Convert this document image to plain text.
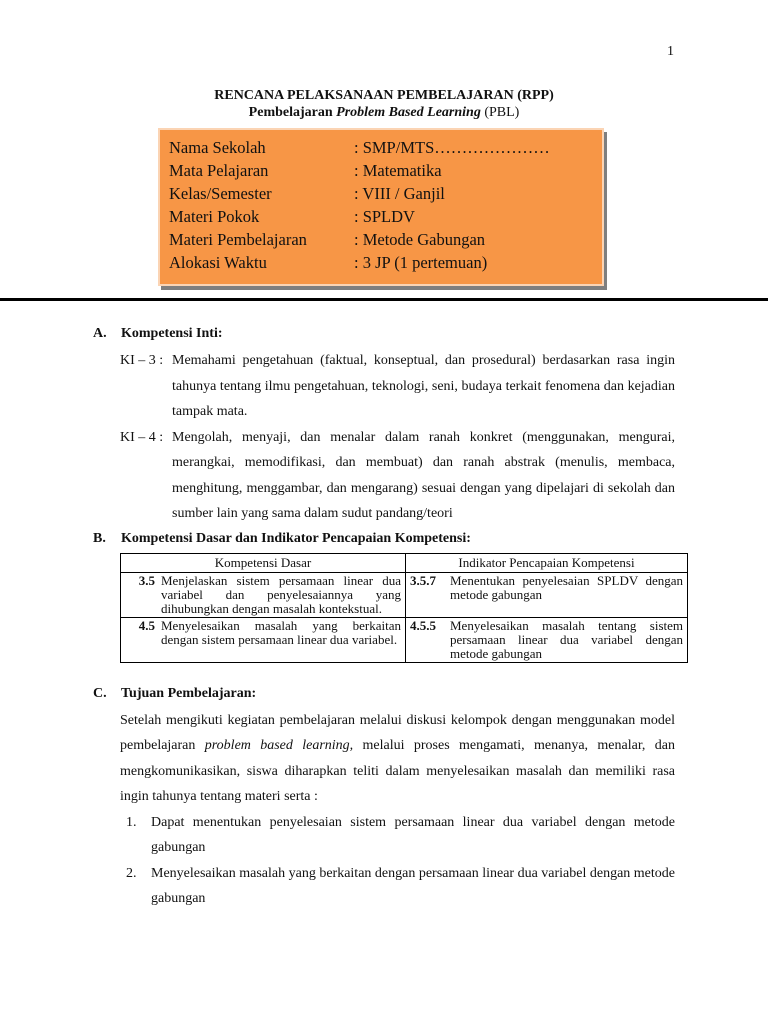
1
RENCANA PELAKSANAAN PEMBELAJARAN (RPP)
Pembelajaran Problem Based Learning (PBL)
Nama Sekolah	: SMP/MTS…………………
Mata Pelajaran	: Matematika
Kelas/Semester	: VIII / Ganjil
Materi Pokok	: SPLDV
Materi Pembelajaran	: Metode Gabungan
Alokasi Waktu	: 3 JP (1 pertemuan)
A.	Kompetensi Inti:
KI – 3 : Memahami pengetahuan (faktual, konseptual, dan prosedural) berdasarkan rasa ingin tahunya tentang ilmu pengetahuan, teknologi, seni, budaya terkait fenomena dan kejadian tampak mata.
KI – 4 : Mengolah, menyaji, dan menalar dalam ranah konkret (menggunakan, mengurai, merangkai, memodifikasi, dan membuat) dan ranah abstrak (menulis, membaca, menghitung, menggambar, dan mengarang) sesuai dengan yang dipelajari di sekolah dan sumber lain yang sama dalam sudut pandang/teori
B.	Kompetensi Dasar dan Indikator Pencapaian Kompetensi:
Kompetensi Dasar	Indikator Pencapaian Kompetensi

3.5 Menjelaskan sistem persamaan linear dua variabel dan penyelesaiannya yang dihubungkan dengan masalah kontekstual.	3.5.7 Menentukan penyelesaian SPLDV dengan metode gabungan

4.5 Menyelesaikan masalah yang berkaitan dengan sistem persamaan linear dua variabel.	4.5.5 Menyelesaikan masalah tentang sistem persamaan linear dua variabel dengan metode gabungan
C.	Tujuan Pembelajaran:
Setelah mengikuti kegiatan pembelajaran melalui diskusi kelompok dengan menggunakan model pembelajaran problem based learning, melalui proses mengamati, menanya, menalar, dan mengkomunikasikan, siswa diharapkan teliti dalam menyelesaikan masalah dan memiliki rasa ingin tahunya tentang materi serta :
1.	Dapat menentukan penyelesaian sistem persamaan linear dua variabel dengan metode gabungan
2.	Menyelesaikan masalah yang berkaitan dengan persamaan linear dua variabel dengan metode gabungan
